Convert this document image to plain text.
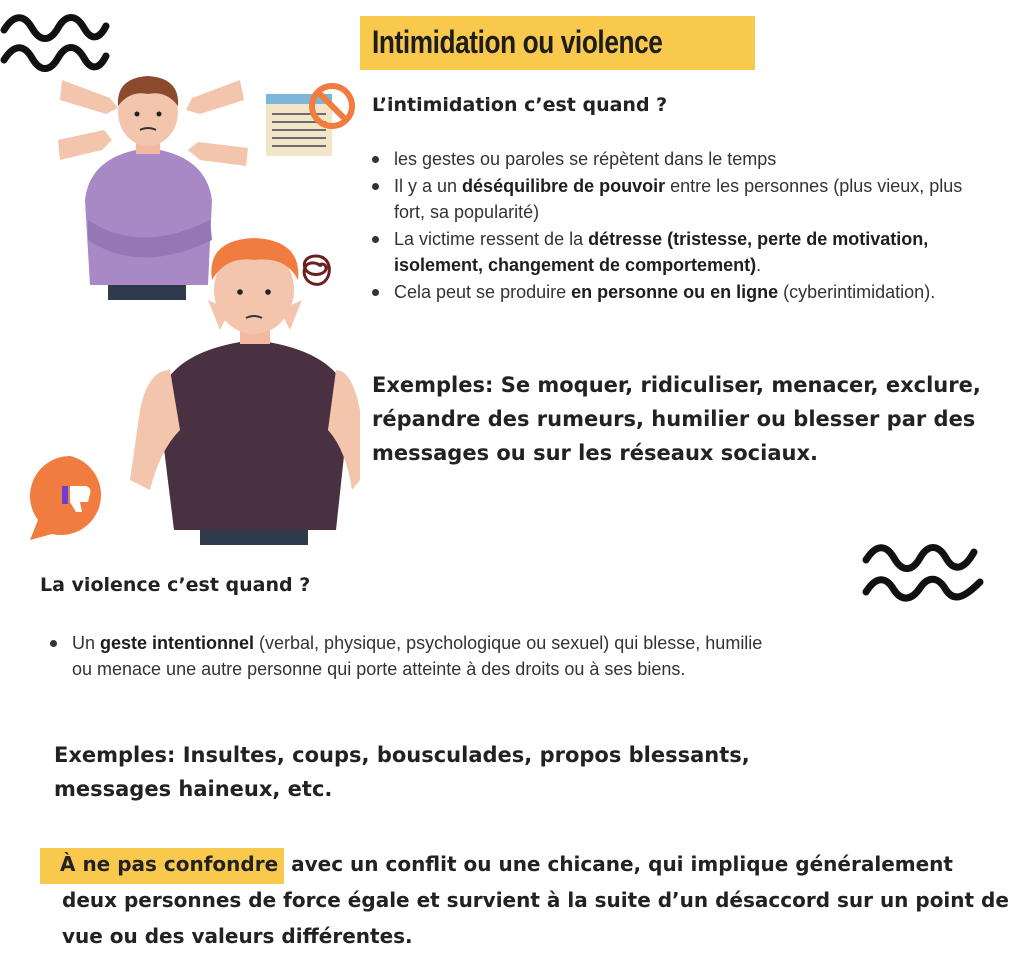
Intimidation ou violence
L’intimidation c’est quand ?
les gestes ou paroles se répètent dans le temps
Il y a un déséquilibre de pouvoir entre les personnes (plus vieux, plus fort, sa popularité)
La victime ressent de la détresse (tristesse, perte de motivation, isolement, changement de comportement).
Cela peut se produire en personne ou en ligne (cyberintimidation).
Exemples: Se moquer, ridiculiser, menacer, exclure, répandre des rumeurs, humilier ou blesser par des messages ou sur les réseaux sociaux.
La violence c’est quand ?
Un geste intentionnel (verbal, physique, psychologique ou sexuel) qui blesse, humilie ou menace une autre personne qui porte atteinte à des droits ou à ses biens.
Exemples: Insultes, coups, bousculades, propos blessants, messages haineux, etc.
À ne pas confondre avec un conflit ou une chicane, qui implique généralement deux personnes de force égale et survient à la suite d’un désaccord sur un point de vue ou des valeurs différentes.
